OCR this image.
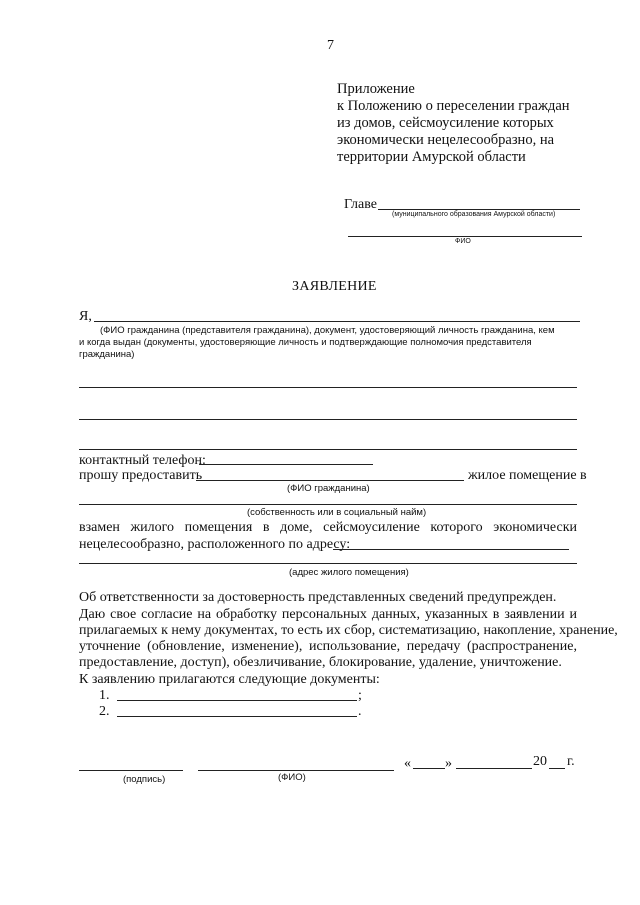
7
Приложение
к Положению о переселении граждан
из домов, сейсмоусиление которых
экономически нецелесообразно, на
территории Амурской области
Главе
(муниципального образования Амурской области)
ФИО
ЗАЯВЛЕНИЕ
Я,
(ФИО гражданина (представителя гражданина), документ, удостоверяющий личность гражданина, кем
и когда выдан (документы, удостоверяющие личность и подтверждающие полномочия представителя
гражданина)
контактный телефон:
прошу предоставить	жилое помещение в
(ФИО гражданина)
(собственность или в социальный найм)
взамен жилого помещения в доме, сейсмоусиление которого экономически
нецелесообразно, расположенного по адресу:
(адрес жилого помещения)
Об ответственности за достоверность представленных сведений предупрежден.
Даю свое согласие на обработку персональных данных, указанных в заявлении и
прилагаемых к нему документах, то есть их сбор, систематизацию, накопление, хранение,
уточнение (обновление, изменение), использование, передачу (распространение,
предоставление, доступ), обезличивание, блокирование, удаление, уничтожение.
К заявлению прилагаются следующие документы:
1.	;
2.	.
« »	20 г.
(подпись)	(ФИО)
